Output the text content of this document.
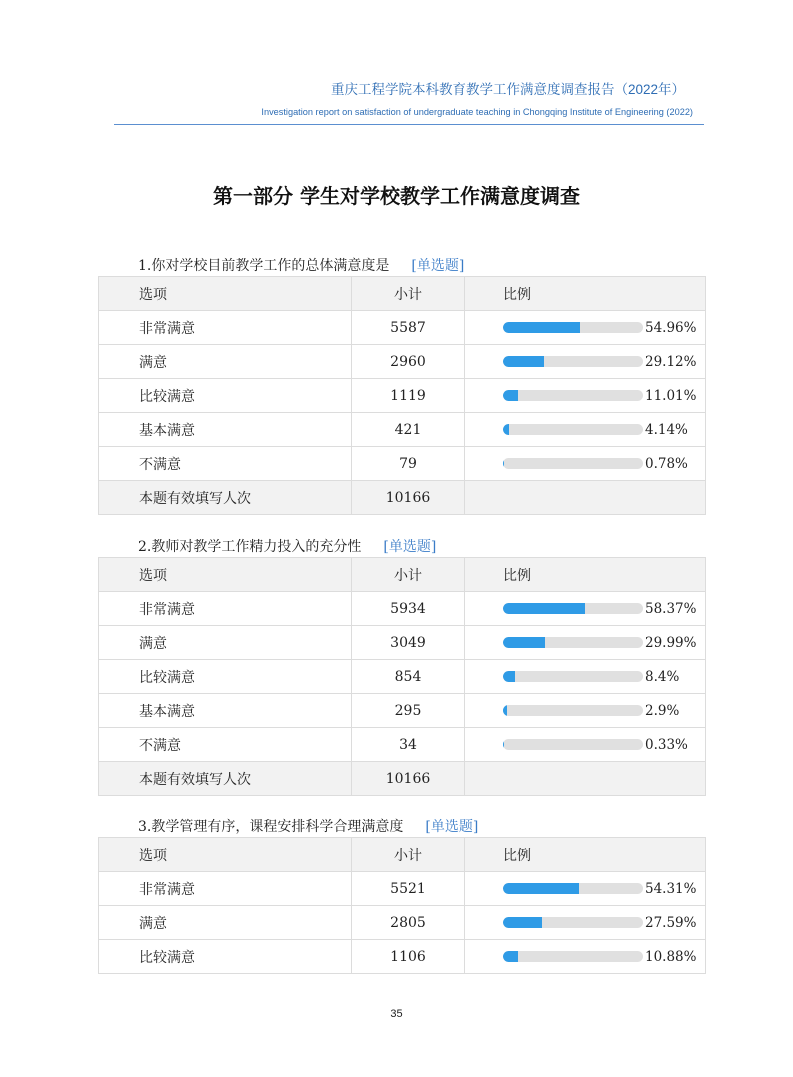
重庆工程学院本科教育教学工作满意度调查报告（2022年）
Investigation report on satisfaction of undergraduate teaching in Chongqing Institute of Engineering (2022)
第一部分 学生对学校教学工作满意度调查
1.你对学校目前教学工作的总体满意度是 [单选题]
选项	小计	比例
非常满意	5587	54.96%

满意	2960	29.12%

比较满意	1119	11.01%

基本满意	421	4.14%

不满意	79	0.78%

本题有效填写人次	10166	
2.教师对教学工作精力投入的充分性 [单选题]
选项	小计	比例
非常满意	5934	58.37%

满意	3049	29.99%

比较满意	854	8.4%

基本满意	295	2.9%

不满意	34	0.33%

本题有效填写人次	10166	
3.教学管理有序，课程安排科学合理满意度 [单选题]
选项	小计	比例
非常满意	5521	54.31%

满意	2805	27.59%

比较满意	1106	10.88%
35
